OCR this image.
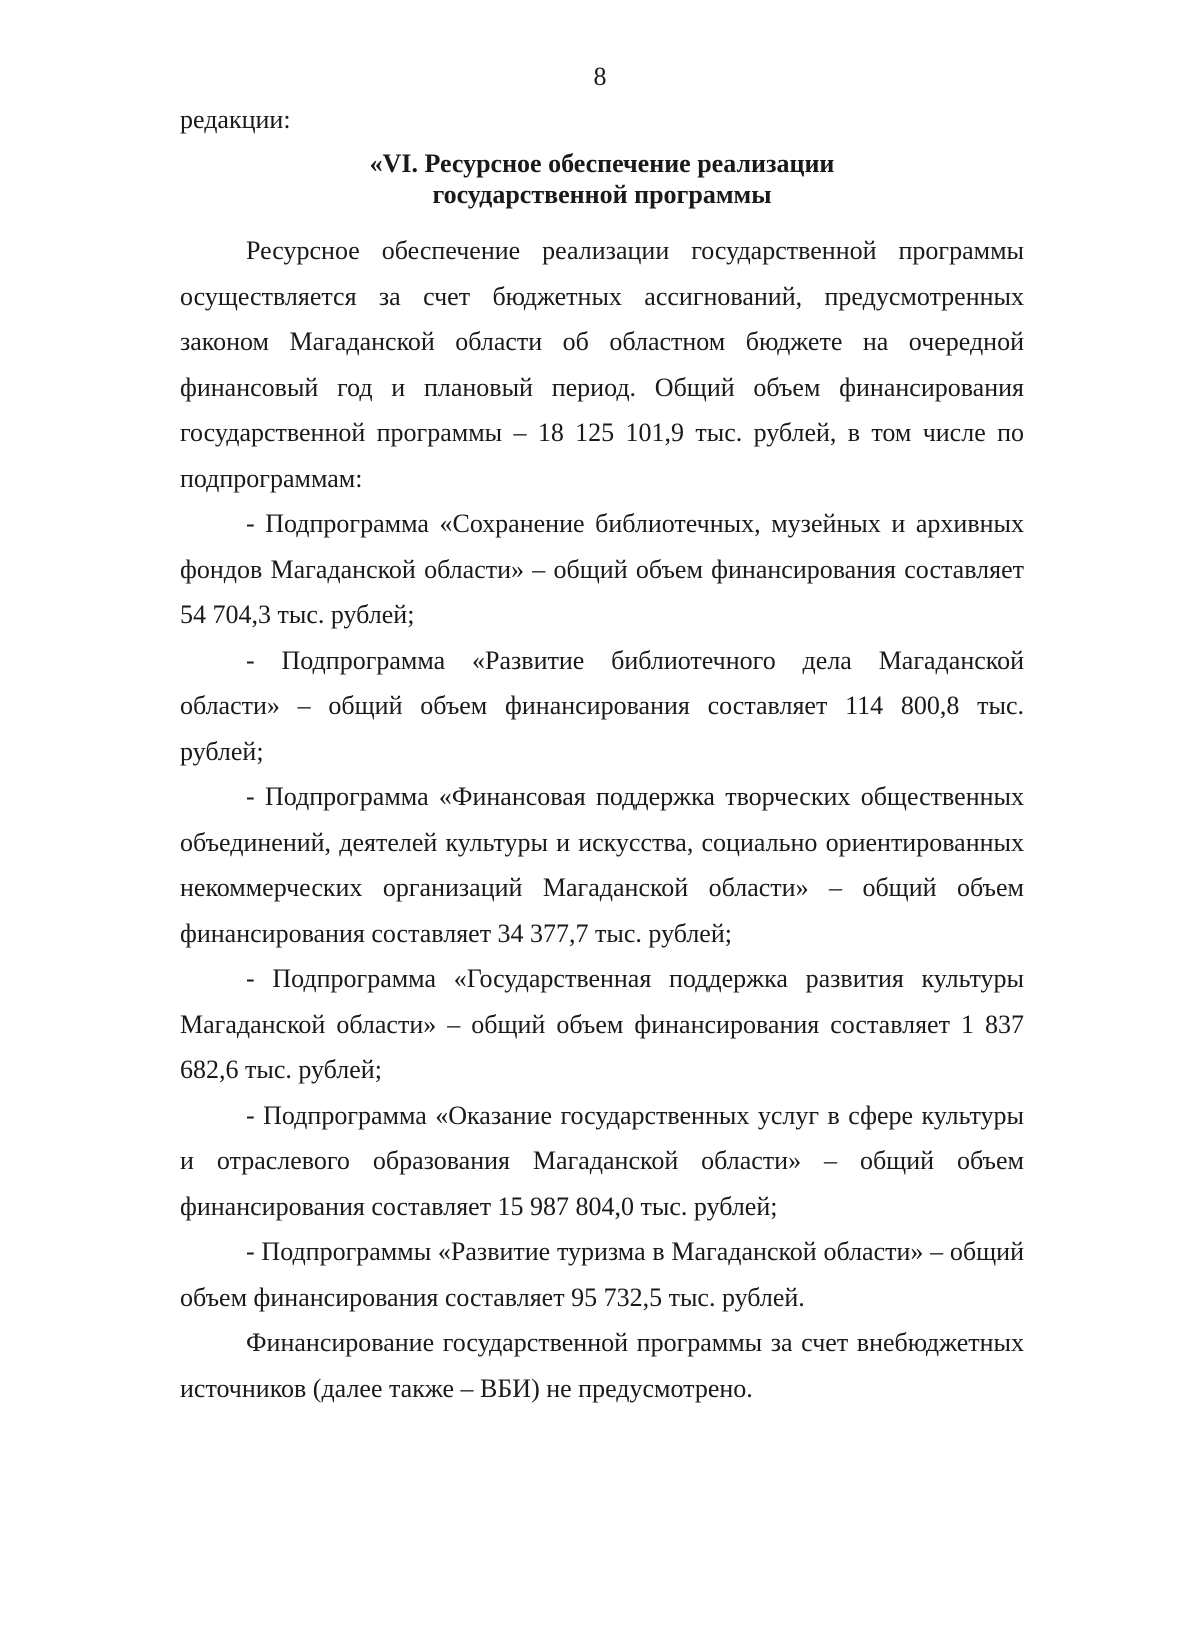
8
редакции:
«VI. Ресурсное обеспечение реализации
государственной программы

Ресурсное обеспечение реализации государственной программы осуществляется за счет бюджетных ассигнований, предусмотренных законом Магаданской области об областном бюджете на очередной финансовый год и плановый период. Общий объем финансирования государственной программы – 18 125 101,9 тыс. рублей, в том числе по подпрограммам:

- Подпрограмма «Сохранение библиотечных, музейных и архивных фондов Магаданской области» – общий объем финансирования составляет 54 704,3 тыс. рублей;

- Подпрограмма «Развитие библиотечного дела Магаданской области» – общий объем финансирования составляет 114 800,8 тыс. рублей;

- Подпрограмма «Финансовая поддержка творческих общественных объединений, деятелей культуры и искусства, социально ориентированных некоммерческих организаций Магаданской области» – общий объем финансирования составляет 34 377,7 тыс. рублей;

- Подпрограмма «Государственная поддержка развития культуры Магаданской области» – общий объем финансирования составляет 1 837 682,6 тыс. рублей;

- Подпрограмма «Оказание государственных услуг в сфере культуры и отраслевого образования Магаданской области» – общий объем финансирования составляет 15 987 804,0 тыс. рублей;

- Подпрограммы «Развитие туризма в Магаданской области» – общий объем финансирования составляет 95 732,5 тыс. рублей.

Финансирование государственной программы за счет внебюджетных источников (далее также – ВБИ) не предусмотрено.
